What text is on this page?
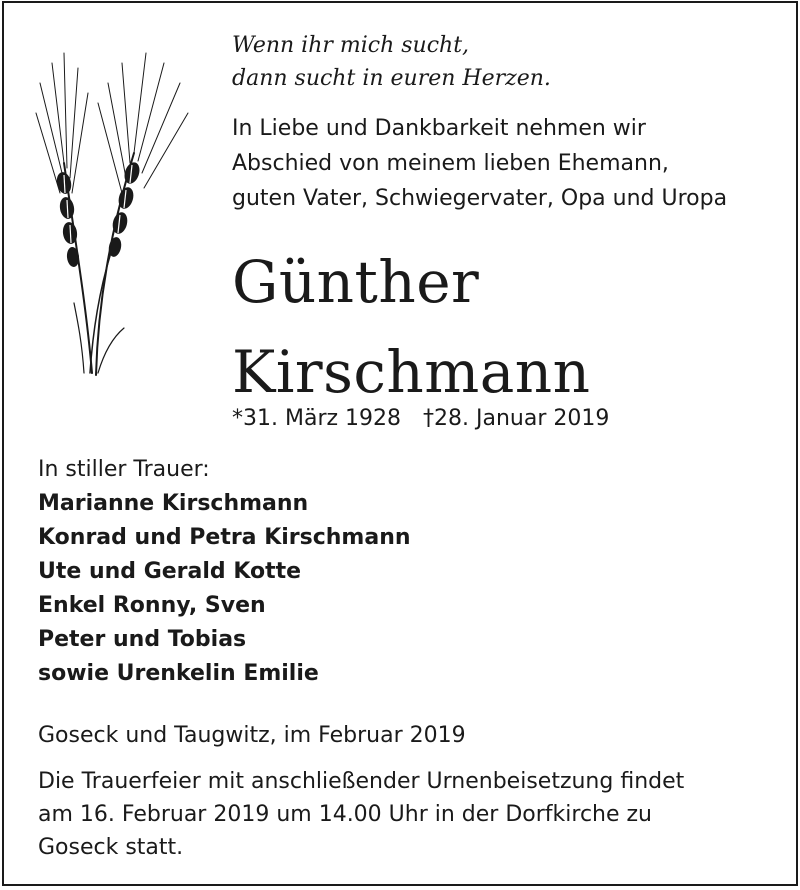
Wenn ihr mich sucht,
dann sucht in euren Herzen.
In Liebe und Dankbarkeit nehmen wir
Abschied von meinem lieben Ehemann,
guten Vater, Schwiegervater, Opa und Uropa
Günther
Kirschmann
*31. März 1928 †28. Januar 2019
In stiller Trauer:
Marianne Kirschmann
Konrad und Petra Kirschmann
Ute und Gerald Kotte
Enkel Ronny, Sven
Peter und Tobias
sowie Urenkelin Emilie
Goseck und Taugwitz, im Februar 2019
Die Trauerfeier mit anschließender Urnenbeisetzung findet
am 16. Februar 2019 um 14.00 Uhr in der Dorfkirche zu
Goseck statt.
